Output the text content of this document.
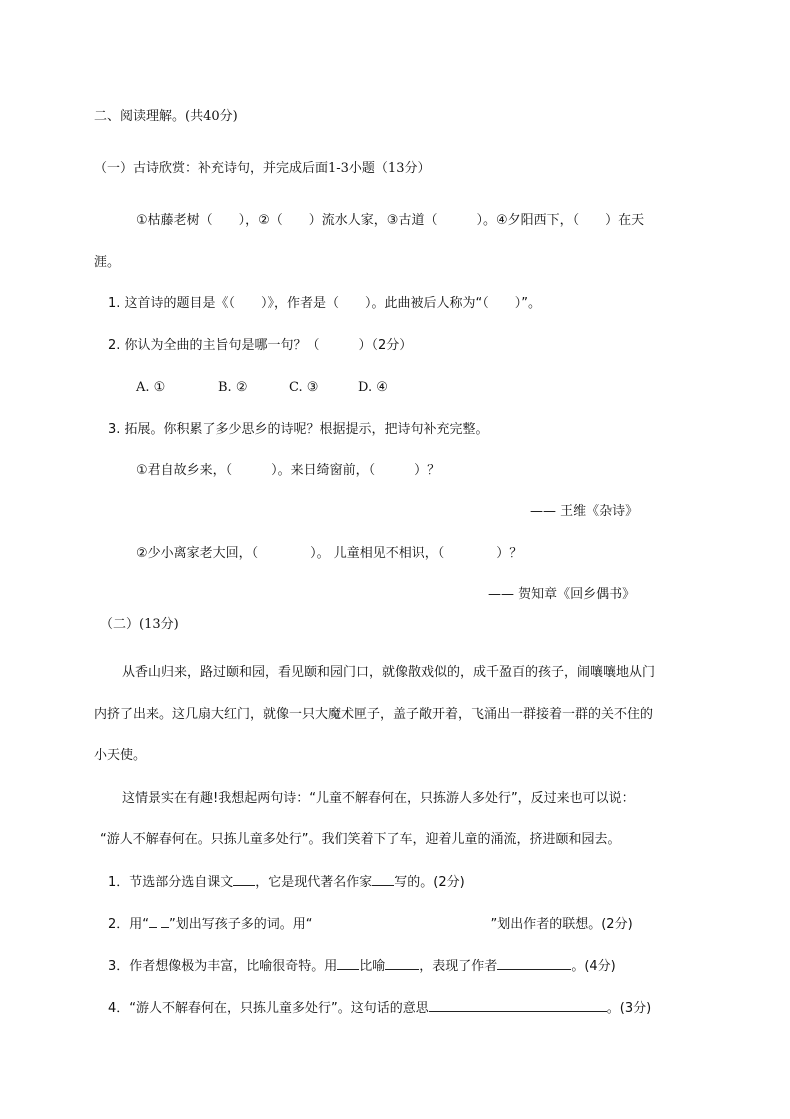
二、阅读理解。(共40分)
（一）古诗欣赏：补充诗句，并完成后面1-3小题（13分）
①枯藤老树（　　），②（　　）流水人家，③古道（　　　）。④夕阳西下，（　　）在天
涯。
1. 这首诗的题目是《（　　）》，作者是（　　）。此曲被后人称为“（　　）”。
2. 你认为全曲的主旨句是哪一句？（　　　）（2分）
A. ①	B. ②	C. ③	D. ④
3. 拓展。你积累了多少思乡的诗呢？根据提示，把诗句补充完整。
①君自故乡来，（　　　）。来日绮窗前，（　　　）？
—— 王维《杂诗》
②少小离家老大回，（　　　　）。 儿童相见不相识，（　　　　）？
—— 贺知章《回乡偶书》
（二）(13分)
从香山归来，路过颐和园，看见颐和园门口，就像散戏似的，成千盈百的孩子，闹嚷嚷地从门
内挤了出来。这几扇大红门，就像一只大魔术匣子，盖子敞开着，飞涌出一群接着一群的关不住的
小天使。
这情景实在有趣!我想起两句诗：“儿童不解春何在，只拣游人多处行”，反过来也可以说：
“游人不解春何在。只拣儿童多处行”。我们笑着下了车，迎着儿童的涌流，挤进颐和园去。
1．节选部分选自课文 ，它是现代著名作家 写的。(2分)
2．用“ ”划出写孩子多的词。用“	”划出作者的联想。(2分)
3．作者想像极为丰富，比喻很奇特。用 比喻	，表现了作者	。(4分)
4．“游人不解春何在，只拣儿童多处行”。这句话的意思	。(3分)
